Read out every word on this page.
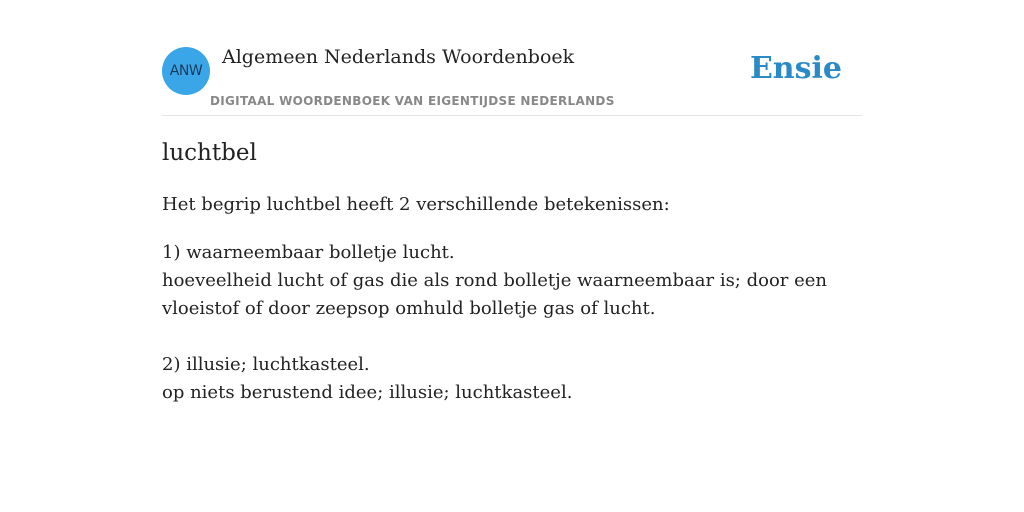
ANW
Algemeen Nederlands Woordenboek
DIGITAAL WOORDENBOEK VAN EIGENTIJDSE NEDERLANDS
Ensie
luchtbel
Het begrip luchtbel heeft 2 verschillende betekenissen:
1) waarneembaar bolletje lucht.
hoeveelheid lucht of gas die als rond bolletje waarneembaar is; door een vloeistof of door zeepsop omhuld bolletje gas of lucht.
2) illusie; luchtkasteel.
op niets berustend idee; illusie; luchtkasteel.
